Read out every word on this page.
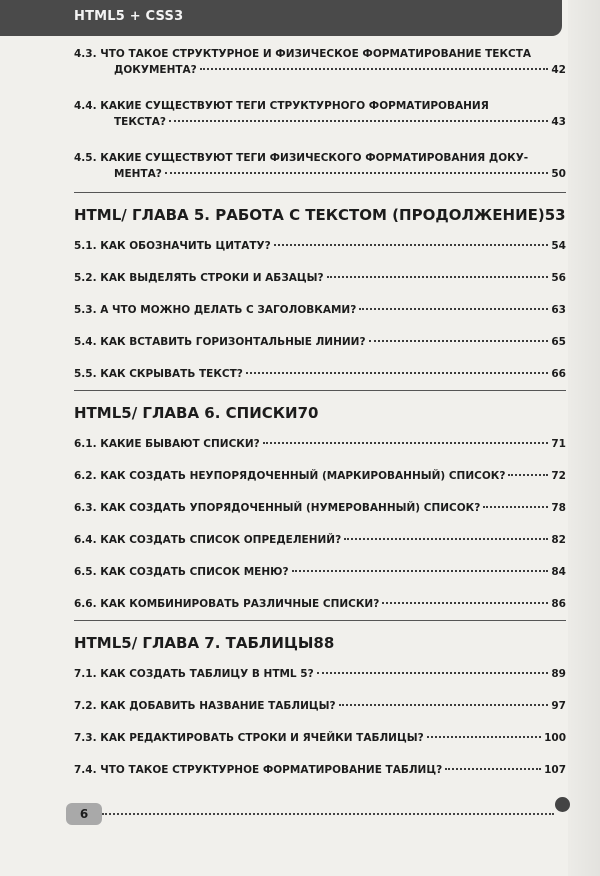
HTML5 + CSS3
4.3. ЧТО ТАКОЕ СТРУКТУРНОЕ И ФИЗИЧЕСКОЕ ФОРМАТИРОВАНИЕ ТЕКСТА
ДОКУМЕНТА?	42
4.4. КАКИЕ СУЩЕСТВУЮТ ТЕГИ СТРУКТУРНОГО ФОРМАТИРОВАНИЯ
ТЕКСТА?	43
4.5. КАКИЕ СУЩЕСТВУЮТ ТЕГИ ФИЗИЧЕСКОГО ФОРМАТИРОВАНИЯ ДОКУ-
МЕНТА?	50
HTML/ ГЛАВА 5. РАБОТА С ТЕКСТОМ (ПРОДОЛЖЕНИЕ) 53
5.1. КАК ОБОЗНАЧИТЬ ЦИТАТУ?	54
5.2. КАК ВЫДЕЛЯТЬ СТРОКИ И АБЗАЦЫ?	56
5.3. А ЧТО МОЖНО ДЕЛАТЬ С ЗАГОЛОВКАМИ?	63
5.4. КАК ВСТАВИТЬ ГОРИЗОНТАЛЬНЫЕ ЛИНИИ?	65
5.5. КАК СКРЫВАТЬ ТЕКСТ?	66
HTML5/ ГЛАВА 6. СПИСКИ 70
6.1. КАКИЕ БЫВАЮТ СПИСКИ?	71
6.2. КАК СОЗДАТЬ НЕУПОРЯДОЧЕННЫЙ (МАРКИРОВАННЫЙ) СПИСОК?	72
6.3. КАК СОЗДАТЬ УПОРЯДОЧЕННЫЙ (НУМЕРОВАННЫЙ) СПИСОК?	78
6.4. КАК СОЗДАТЬ СПИСОК ОПРЕДЕЛЕНИЙ?	82
6.5. КАК СОЗДАТЬ СПИСОК МЕНЮ?	84
6.6. КАК КОМБИНИРОВАТЬ РАЗЛИЧНЫЕ СПИСКИ?	86
HTML5/ ГЛАВА 7. ТАБЛИЦЫ 88
7.1. КАК СОЗДАТЬ ТАБЛИЦУ В HTML 5?	89
7.2. КАК ДОБАВИТЬ НАЗВАНИЕ ТАБЛИЦЫ?	97
7.3. КАК РЕДАКТИРОВАТЬ СТРОКИ И ЯЧЕЙКИ ТАБЛИЦЫ?	100
7.4. ЧТО ТАКОЕ СТРУКТУРНОЕ ФОРМАТИРОВАНИЕ ТАБЛИЦ?	107
6
